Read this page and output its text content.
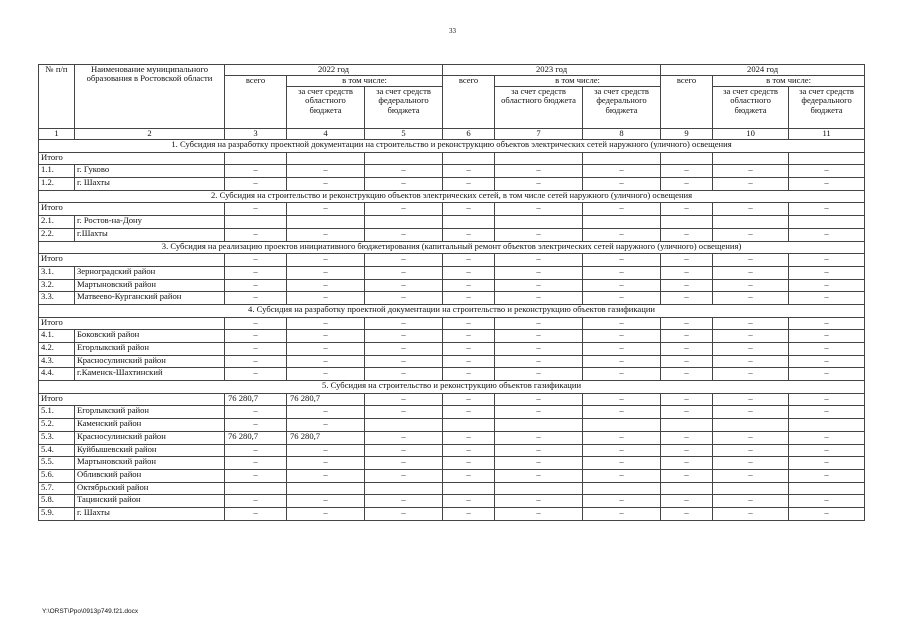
33
№ п/п	Наименование муниципального образования в Ростовской области	2022 год			2023 год			2024 год		
		всего	в том числе:		всего	в том числе:		всего	в том числе:	
			за счет средств областного бюджета	за счет средств федерального бюджета		за счет средств областного бюджета	за счет средств федерального бюджета		за счет средств областного бюджета	за счет средств федерального бюджета
1	2	3	4	5	6	7	8	9	10	11
1. Субсидия на разработку проектной документации на строительство и реконструкцию объектов электрических сетей наружного (уличного) освещения										
Итого										
1.1.	г. Гуково	–	–	–	–	–	–	–	–	–
1.2.	г. Шахты	–	–	–	–	–	–	–	–	–
2. Субсидия на строительство и реконструкцию объектов электрических сетей, в том числе сетей наружного (уличного) освещения										
Итого		–	–	–	–	–	–	–	–	–
2.1.	г. Ростов-на-Дону									
2.2.	г.Шахты	–	–	–	–	–	–	–	–	–
3. Субсидия на реализацию проектов инициативного бюджетирования (капитальный ремонт объектов электрических сетей наружного (уличного) освещения)										
Итого		–	–	–	–	–	–	–	–	–
3.1.	Зерноградский район	–	–	–	–	–	–	–	–	–
3.2.	Мартыновский район	–	–	–	–	–	–	–	–	–
3.3.	Матвеево-Курганский район	–	–	–	–	–	–	–	–	–
4. Субсидия на разработку проектной документации на строительство и реконструкцию объектов газификации										
Итого		–	–	–	–	–	–	–	–	–
4.1.	Боковский район	–	–	–	–	–	–	–	–	–
4.2.	Егорлыкский район	–	–	–	–	–	–	–	–	–
4.3.	Красносулинский район	–	–	–	–	–	–	–	–	–
4.4.	г.Каменск-Шахтинский	–	–	–	–	–	–	–	–	–
5. Субсидия на строительство и реконструкцию объектов газификации										
Итого		76 280,7	76 280,7	–	–	–	–	–	–	–
5.1.	Егорлыкский район	–	–	–	–	–	–	–	–	–
5.2.	Каменский район	–	–							
5.3.	Красносулинский район	76 280,7	76 280,7	–	–	–	–	–	–	–
5.4.	Куйбышевский район	–	–	–	–	–	–	–	–	–
5.5.	Мартыновский район	–	–	–	–	–	–	–	–	–
5.6.	Обливский район	–	–	–	–	–	–	–	–	–
5.7.	Октябрьский район									
5.8.	Тацинский район	–	–	–	–	–	–	–	–	–
5.9.	г. Шахты	–	–	–	–	–	–	–	–	–
Y:\ORST\Ppo\0913p749.f21.docx
